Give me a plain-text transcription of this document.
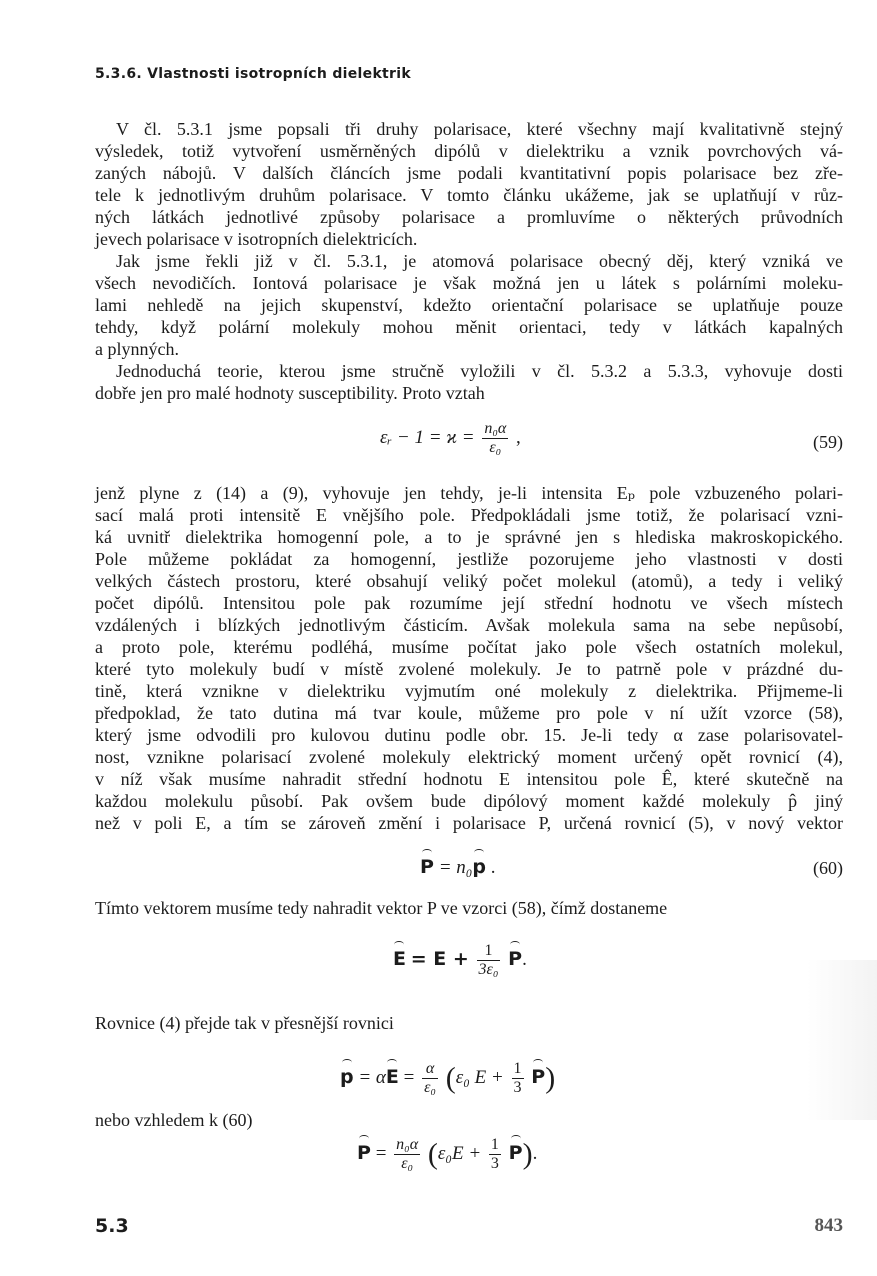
5.3.6. Vlastnosti isotropních dielektrik
V čl. 5.3.1 jsme popsali tři druhy polarisace, které všechny mají kvalitativně stejný
výsledek, totiž vytvoření usměrněných dipólů v dielektriku a vznik povrchových vá-
zaných nábojů. V dalších článcích jsme podali kvantitativní popis polarisace bez zře-
tele k jednotlivým druhům polarisace. V tomto článku ukážeme, jak se uplatňují v růz-
ných látkách jednotlivé způsoby polarisace a promluvíme o některých průvodních
jevech polarisace v isotropních dielektricích.
Jak jsme řekli již v čl. 5.3.1, je atomová polarisace obecný děj, který vzniká ve
všech nevodičích. Iontová polarisace je však možná jen u látek s polárními moleku-
lami nehledě na jejich skupenství, kdežto orientační polarisace se uplatňuje pouze
tehdy, když polární molekuly mohou měnit orientaci, tedy v látkách kapalných
a plynných.
Jednoduchá teorie, kterou jsme stručně vyložili v čl. 5.3.2 a 5.3.3, vyhovuje dosti
dobře jen pro malé hodnoty susceptibility. Proto vztah
εᵣ − $1 = ϰ = \frac{\text{n₀α}}{\text{ε₀}}$ ,	(59)
jenž plyne z (14) a (9), vyhovuje jen tehdy, je-li intensita Eₚ pole vzbuzeného polari-
sací malá proti intensitě E vnějšího pole. Předpokládali jsme totiž, že polarisací vzni-
ká uvnitř dielektrika homogenní pole, a to je správné jen s hlediska makroskopického.
Pole můžeme pokládat za homogenní, jestliže pozorujeme jeho vlastnosti v dosti
velkých částech prostoru, které obsahují veliký počet molekul (atomů), a tedy i veliký
počet dipólů. Intensitou pole pak rozumíme její střední hodnotu ve všech místech
vzdálených i blízkých jednotlivým částicím. Avšak molekula sama na sebe nepůsobí,
a proto pole, kterému podléhá, musíme počítat jako pole všech ostatních molekul,
které tyto molekuly budí v místě zvolené molekuly. Je to patrně pole v prázdné du-
tině, která vznikne v dielektriku vyjmutím oné molekuly z dielektrika. Přijmeme-li
předpoklad, že tato dutina má tvar koule, můžeme pro pole v ní užít vzorce (58),
který jsme odvodili pro kulovou dutinu podle obr. 15. Je-li tedy α zase polarisovatel-
nost, vznikne polarisací zvolené molekuly elektrický moment určený opět rovnicí (4),
v níž však musíme nahradit střední hodnotu E intensitou pole Ê, které skutečně na
každou molekulu působí. Pak ovšem bude dipólový moment každé molekuly p̂ jiný
než v poli E, a tím se zároveň změní i polarisace P, určená rovnicí (5), v nový vektor
P = n₀p .	(60)
Tímto vektorem musíme tedy nahradit vektor P ve vzorci (58), čímž dostaneme
$E = E + \frac{1}{\text{3ε₀}} P$.
Rovnice (4) přejde tak v přesnější rovnici
$p = \alpha E = \frac{\alpha}{\text{ε₀}} (\varepsilon_0$ $E + \frac{1}{3} P$)
nebo vzhledem k (60)
$P = \frac{\text{n₀α}}{\text{ε₀}} (\varepsilon_0E + \frac{1}{3} P)$.
5.3	843
